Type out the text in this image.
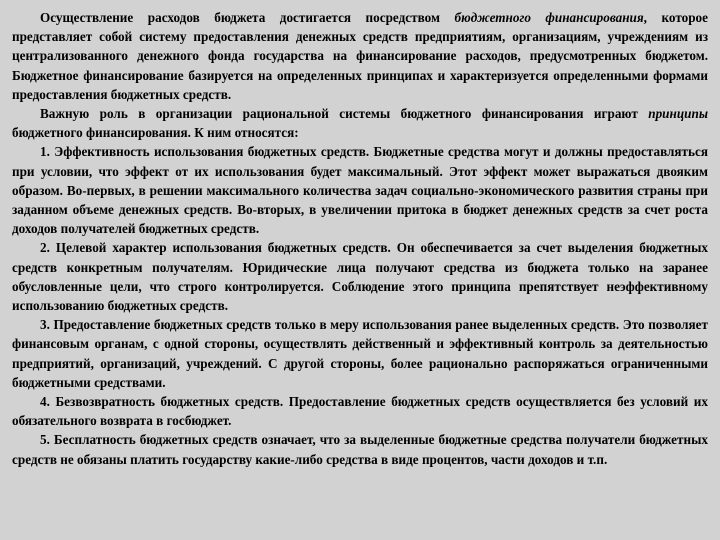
Осуществление расходов бюджета достигается посредством бюджетного финансирования, которое представляет собой систему предоставления денежных средств предприятиям, организациям, учреждениям из централизованного денежного фонда государства на финансирование расходов, предусмотренных бюджетом. Бюджетное финансирование базируется на определенных принципах и характеризуется определенными формами предоставления бюджетных средств.

Важную роль в организации рациональной системы бюджетного финансирования играют принципы бюджетного финансирования. К ним относятся:

1. Эффективность использования бюджетных средств. Бюджетные средства могут и должны предоставляться при условии, что эффект от их использования будет максимальный. Этот эффект может выражаться двояким образом. Во-первых, в решении максимального количества задач социально-экономического развития страны при заданном объеме денежных средств. Во-вторых, в увеличении притока в бюджет денежных средств за счет роста доходов получателей бюджетных средств.

2. Целевой характер использования бюджетных средств. Он обеспечивается за счет выделения бюджетных средств конкретным получателям. Юридические лица получают средства из бюджета только на заранее обусловленные цели, что строго контролируется. Соблюдение этого принципа препятствует неэффективному использованию бюджетных средств.

3. Предоставление бюджетных средств только в меру использования ранее выделенных средств. Это позволяет финансовым органам, с одной стороны, осуществлять действенный и эффективный контроль за деятельностью предприятий, организаций, учреждений. С другой стороны, более рационально распоряжаться ограниченными бюджетными средствами.

4. Безвозвратность бюджетных средств. Предоставление бюджетных средств осуществляется без условий их обязательного возврата в госбюджет.

5. Бесплатность бюджетных средств означает, что за выделенные бюджетные средства получатели бюджетных средств не обязаны платить государству какие-либо средства в виде процентов, части доходов и т.п.
